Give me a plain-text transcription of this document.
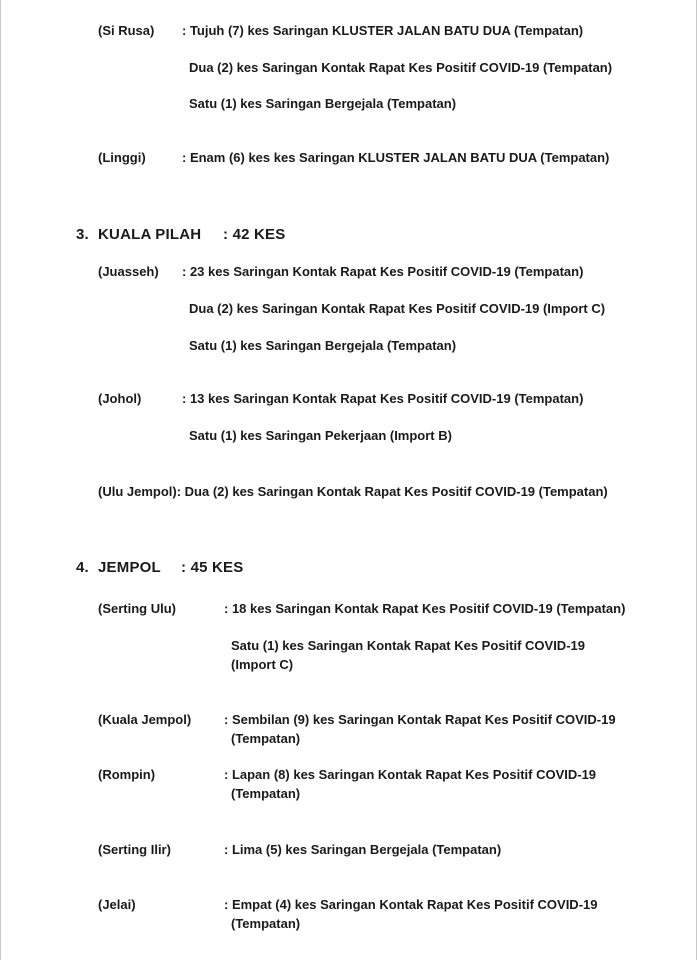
(Si Rusa) : Tujuh (7) kes Saringan KLUSTER JALAN BATU DUA (Tempatan)
Dua (2) kes Saringan Kontak Rapat Kes Positif COVID-19 (Tempatan)
Satu (1) kes Saringan Bergejala (Tempatan)
(Linggi)	: Enam (6) kes kes Saringan KLUSTER JALAN BATU DUA (Tempatan)
3. KUALA PILAH : 42 KES
(Juasseh) : 23 kes Saringan Kontak Rapat Kes Positif COVID-19 (Tempatan)
Dua (2) kes Saringan Kontak Rapat Kes Positif COVID-19 (Import C)
Satu (1) kes Saringan Bergejala (Tempatan)
(Johol)	: 13 kes Saringan Kontak Rapat Kes Positif COVID-19 (Tempatan)
Satu (1) kes Saringan Pekerjaan (Import B)
(Ulu Jempol): Dua (2) kes Saringan Kontak Rapat Kes Positif COVID-19 (Tempatan)
4. JEMPOL : 45 KES
(Serting Ulu)	: 18 kes Saringan Kontak Rapat Kes Positif COVID-19 (Tempatan)
Satu (1) kes Saringan Kontak Rapat Kes Positif COVID-19
(Import C)
(Kuala Jempol)	: Sembilan (9) kes Saringan Kontak Rapat Kes Positif COVID-19
(Tempatan)
(Rompin)	: Lapan (8) kes Saringan Kontak Rapat Kes Positif COVID-19
(Tempatan)
(Serting Ilir)	: Lima (5) kes Saringan Bergejala (Tempatan)
(Jelai)	: Empat (4) kes Saringan Kontak Rapat Kes Positif COVID-19
(Tempatan)
